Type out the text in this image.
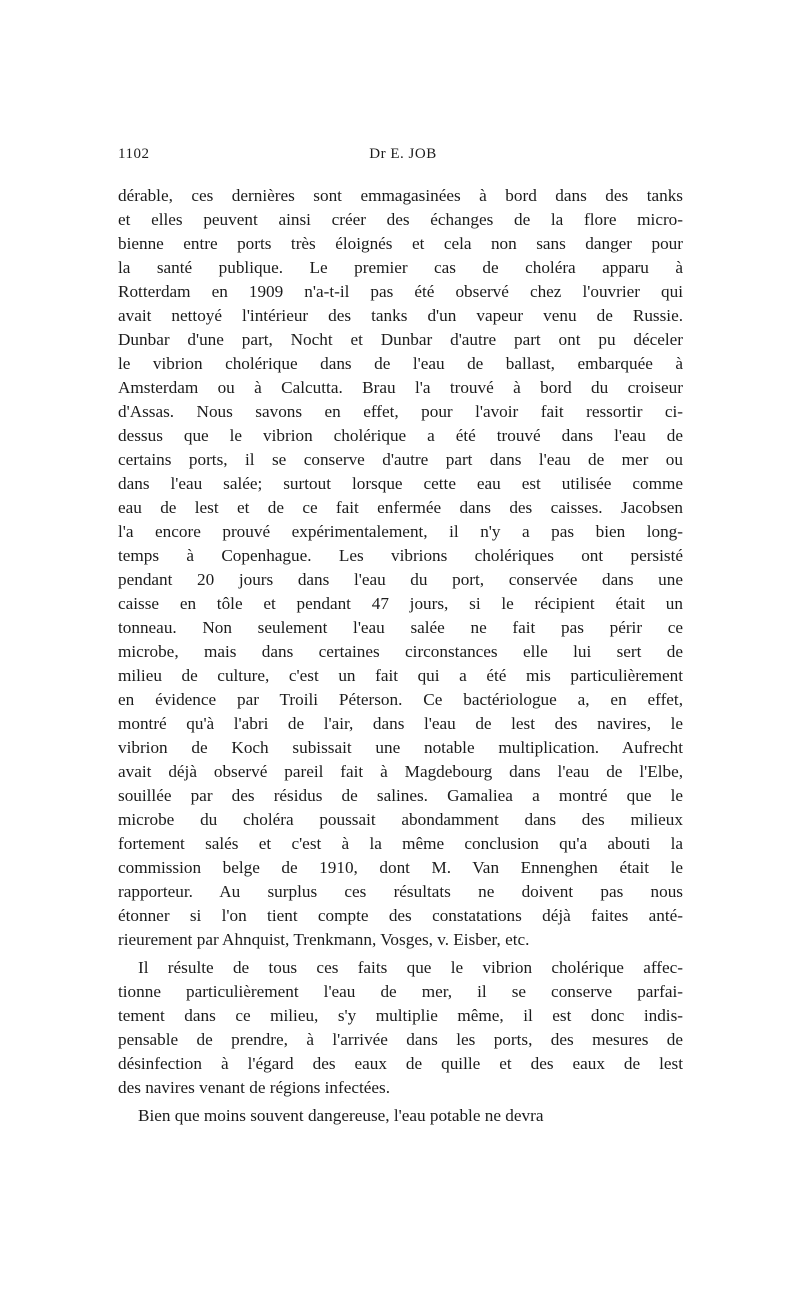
1102	Dr E. JOB
dérable, ces dernières sont emmagasinées à bord dans des tanks
et elles peuvent ainsi créer des échanges de la flore micro-
bienne entre ports très éloignés et cela non sans danger pour
la santé publique. Le premier cas de choléra apparu à
Rotterdam en 1909 n'a-t-il pas été observé chez l'ouvrier qui
avait nettoyé l'intérieur des tanks d'un vapeur venu de Russie.
Dunbar d'une part, Nocht et Dunbar d'autre part ont pu déceler
le vibrion cholérique dans de l'eau de ballast, embarquée à
Amsterdam ou à Calcutta. Brau l'a trouvé à bord du croiseur
d'Assas. Nous savons en effet, pour l'avoir fait ressortir ci-
dessus que le vibrion cholérique a été trouvé dans l'eau de
certains ports, il se conserve d'autre part dans l'eau de mer ou
dans l'eau salée; surtout lorsque cette eau est utilisée comme
eau de lest et de ce fait enfermée dans des caisses. Jacobsen
l'a encore prouvé expérimentalement, il n'y a pas bien long-
temps à Copenhague. Les vibrions cholériques ont persisté
pendant 20 jours dans l'eau du port, conservée dans une
caisse en tôle et pendant 47 jours, si le récipient était un
tonneau. Non seulement l'eau salée ne fait pas périr ce
microbe, mais dans certaines circonstances elle lui sert de
milieu de culture, c'est un fait qui a été mis particulièrement
en évidence par Troili Péterson. Ce bactériologue a, en effet,
montré qu'à l'abri de l'air, dans l'eau de lest des navires, le
vibrion de Koch subissait une notable multiplication. Aufrecht
avait déjà observé pareil fait à Magdebourg dans l'eau de l'Elbe,
souillée par des résidus de salines. Gamaliea a montré que le
microbe du choléra poussait abondamment dans des milieux
fortement salés et c'est à la même conclusion qu'a abouti la
commission belge de 1910, dont M. Van Ennenghen était le
rapporteur. Au surplus ces résultats ne doivent pas nous
étonner si l'on tient compte des constatations déjà faites anté-
rieurement par Ahnquist, Trenkmann, Vosges, v. Eisber, etc.
Il résulte de tous ces faits que le vibrion cholérique affec-
tionne particulièrement l'eau de mer, il se conserve parfai-
tement dans ce milieu, s'y multiplie même, il est donc indis-
pensable de prendre, à l'arrivée dans les ports, des mesures de
désinfection à l'égard des eaux de quille et des eaux de lest
des navires venant de régions infectées.
Bien que moins souvent dangereuse, l'eau potable ne devra
